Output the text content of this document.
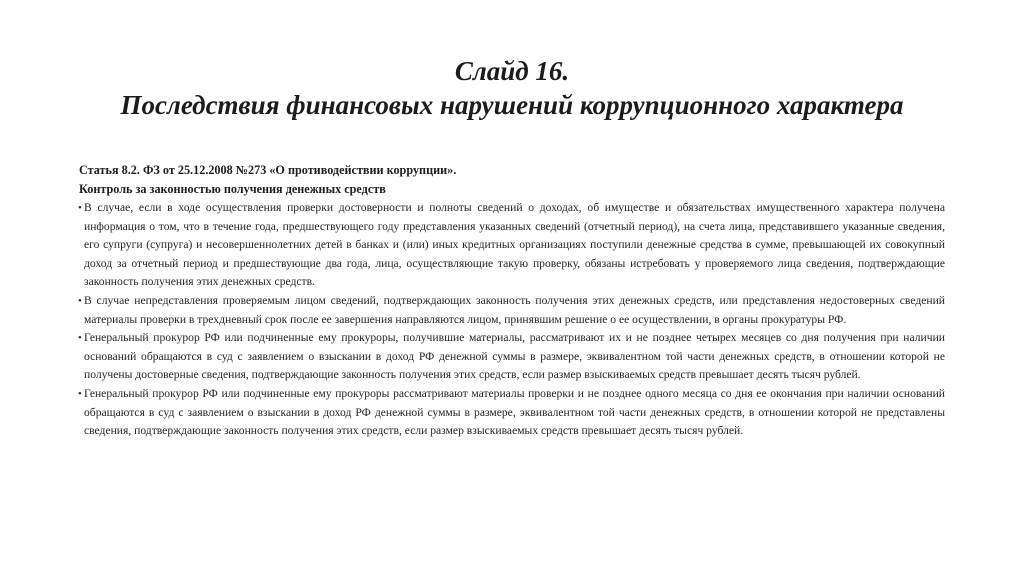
Слайд 16.
Последствия финансовых нарушений коррупционного характера
Статья 8.2. ФЗ от 25.12.2008 №273 «О противодействии коррупции».
Контроль за законностью получения денежных средств
• В случае, если в ходе осуществления проверки достоверности и полноты сведений о доходах, об имуществе и обязательствах имущественного характера получена информация о том, что в течение года, предшествующего году представления указанных сведений (отчетный период), на счета лица, представившего указанные сведения, его супруги (супруга) и несовершеннолетних детей в банках и (или) иных кредитных организациях поступили денежные средства в сумме, превышающей их совокупный доход за отчетный период и предшествующие два года, лица, осуществляющие такую проверку, обязаны истребовать у проверяемого лица сведения, подтверждающие законность получения этих денежных средств.
• В случае непредставления проверяемым лицом сведений, подтверждающих законность получения этих денежных средств, или представления недостоверных сведений материалы проверки в трехдневный срок после ее завершения направляются лицом, принявшим решение о ее осуществлении, в органы прокуратуры РФ.
• Генеральный прокурор РФ или подчиненные ему прокуроры, получившие материалы, рассматривают их и не позднее четырех месяцев со дня получения при наличии оснований обращаются в суд с заявлением о взыскании в доход РФ денежной суммы в размере, эквивалентном той части денежных средств, в отношении которой не получены достоверные сведения, подтверждающие законность получения этих средств, если размер взыскиваемых средств превышает десять тысяч рублей.
• Генеральный прокурор РФ или подчиненные ему прокуроры рассматривают материалы проверки и не позднее одного месяца со дня ее окончания при наличии оснований обращаются в суд с заявлением о взыскании в доход РФ денежной суммы в размере, эквивалентном той части денежных средств, в отношении которой не представлены сведения, подтверждающие законность получения этих средств, если размер взыскиваемых средств превышает десять тысяч рублей.
